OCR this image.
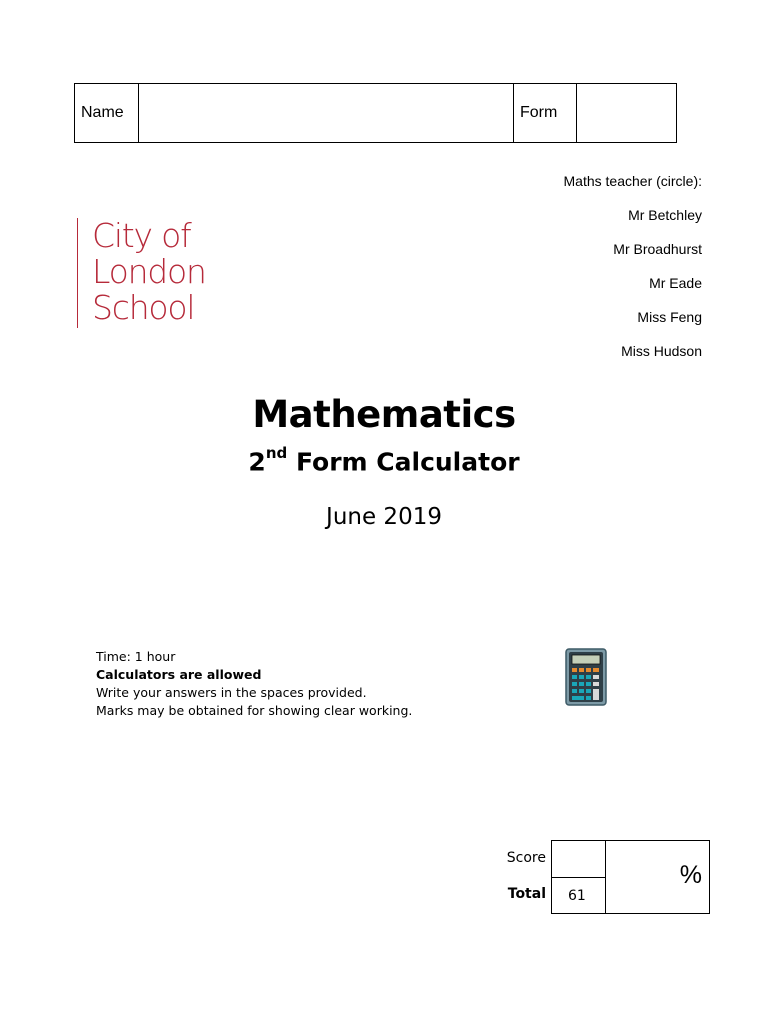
Name	Form
Maths teacher (circle):
Mr Betchley
Mr Broadhurst
Mr Eade
Miss Feng
Miss Hudson
City of
London
School
Mathematics
2nd Form Calculator
June 2019
Time: 1 hour
Calculators are allowed
Write your answers in the spaces provided.
Marks may be obtained for showing clear working.
Score
Total	61
%
